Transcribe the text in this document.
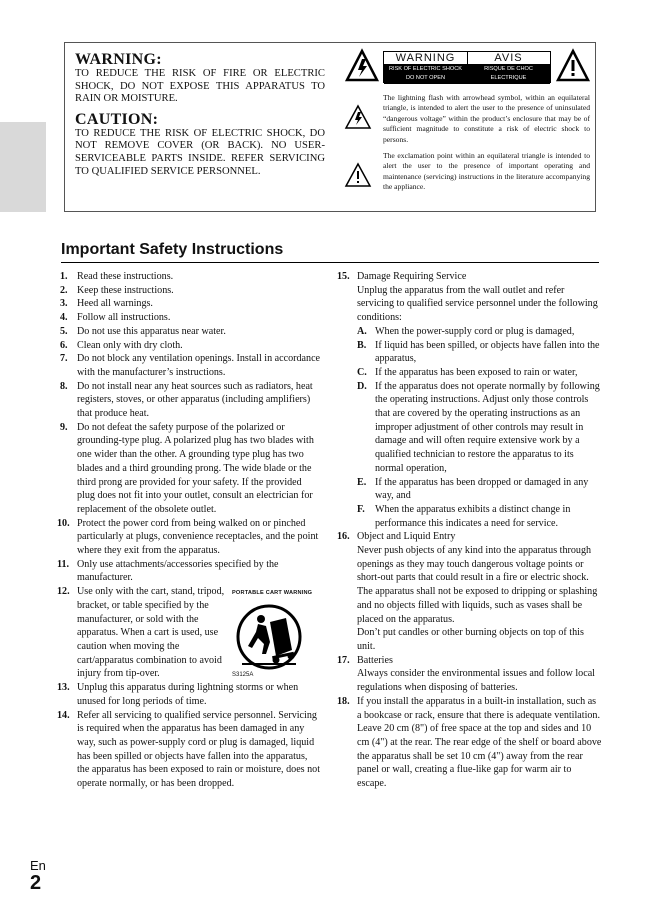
WARNING:
TO REDUCE THE RISK OF FIRE OR ELECTRIC SHOCK, DO NOT EXPOSE THIS APPARATUS TO RAIN OR MOISTURE.
CAUTION:
TO REDUCE THE RISK OF ELECTRIC SHOCK, DO NOT REMOVE COVER (OR BACK). NO USER-SERVICEABLE PARTS INSIDE. REFER SERVICING TO QUALIFIED SERVICE PERSONNEL.
WARNING
RISK OF ELECTRIC SHOCK
DO NOT OPEN
AVIS
RISQUE DE CHOC ELECTRIQUE
NE PAS OUVRIR
The lightning flash with arrowhead symbol, within an equilateral triangle, is intended to alert the user to the presence of uninsulated “dangerous voltage” within the product’s enclosure that may be of sufficient magnitude to constitute a risk of electric shock to persons.
The exclamation point within an equilateral triangle is intended to alert the user to the presence of important operating and maintenance (servicing) instructions in the literature accompanying the appliance.
Important Safety Instructions
1. Read these instructions.
2. Keep these instructions.
3. Heed all warnings.
4. Follow all instructions.
5. Do not use this apparatus near water.
6. Clean only with dry cloth.
7. Do not block any ventilation openings. Install in accordance with the manufacturer’s instructions.
8. Do not install near any heat sources such as radiators, heat registers, stoves, or other apparatus (including amplifiers) that produce heat.
9. Do not defeat the safety purpose of the polarized or grounding-type plug. A polarized plug has two blades with one wider than the other. A grounding type plug has two blades and a third grounding prong. The wide blade or the third prong are provided for your safety. If the provided plug does not fit into your outlet, consult an electrician for replacement of the obsolete outlet.
10. Protect the power cord from being walked on or pinched particularly at plugs, convenience receptacles, and the point where they exit from the apparatus.
11. Only use attachments/accessories specified by the manufacturer.
12. Use only with the cart, stand, tripod, bracket, or table specified by the manufacturer, or sold with the apparatus. When a cart is used, use caution when moving the cart/apparatus combination to avoid injury from tip-over.
PORTABLE CART WARNING
S3125A
13. Unplug this apparatus during lightning storms or when unused for long periods of time.
14. Refer all servicing to qualified service personnel. Servicing is required when the apparatus has been damaged in any way, such as power-supply cord or plug is damaged, liquid has been spilled or objects have fallen into the apparatus, the apparatus has been exposed to rain or moisture, does not operate normally, or has been dropped.
15. Damage Requiring Service
Unplug the apparatus from the wall outlet and refer servicing to qualified service personnel under the following conditions:
A. When the power-supply cord or plug is damaged,
B. If liquid has been spilled, or objects have fallen into the apparatus,
C. If the apparatus has been exposed to rain or water,
D. If the apparatus does not operate normally by following the operating instructions. Adjust only those controls that are covered by the operating instructions as an improper adjustment of other controls may result in damage and will often require extensive work by a qualified technician to restore the apparatus to its normal operation,
E. If the apparatus has been dropped or damaged in any way, and
F. When the apparatus exhibits a distinct change in performance this indicates a need for service.
16. Object and Liquid Entry
Never push objects of any kind into the apparatus through openings as they may touch dangerous voltage points or short-out parts that could result in a fire or electric shock.
The apparatus shall not be exposed to dripping or splashing and no objects filled with liquids, such as vases shall be placed on the apparatus.
Don’t put candles or other burning objects on top of this unit.
17. Batteries
Always consider the environmental issues and follow local regulations when disposing of batteries.
18. If you install the apparatus in a built-in installation, such as a bookcase or rack, ensure that there is adequate ventilation.
Leave 20 cm (8") of free space at the top and sides and 10 cm (4") at the rear. The rear edge of the shelf or board above the apparatus shall be set 10 cm (4") away from the rear panel or wall, creating a flue-like gap for warm air to escape.
En
2
